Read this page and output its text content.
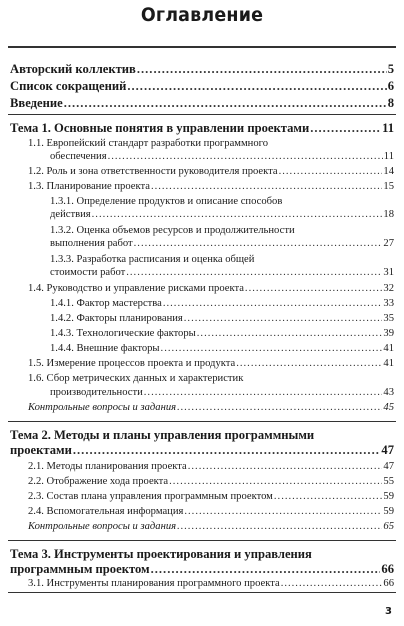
Оглавление
Авторский коллектив .....	5
Список сокращений .....	6
Введение .....	8
Тема 1. Основные понятия в управлении проектами .....	11
1.1. Европейский стандарт разработки программного
обеспечения .....	11
1.2. Роль и зона ответственности руководителя проекта .....	14
1.3. Планирование проекта .....	15
1.3.1. Определение продуктов и описание способов
действия .....	18
1.3.2. Оценка объемов ресурсов и продолжительности
выполнения работ .....	27
1.3.3. Разработка расписания и оценка общей
стоимости работ .....	31
1.4. Руководство и управление рисками проекта .....	32
1.4.1. Фактор мастерства .....	33
1.4.2. Факторы планирования .....	35
1.4.3. Технологические факторы .....	39
1.4.4. Внешние факторы .....	41
1.5. Измерение процессов проекта и продукта .....	41
1.6. Сбор метрических данных и характеристик
производительности .....	43
Контрольные вопросы и задания .....	45
Тема 2. Методы и планы управления программными
проектами .....	47
2.1. Методы планирования проекта .....	47
2.2. Отображение хода проекта .....	55
2.3. Состав плана управления программным проектом .....	59
2.4. Вспомогательная информация .....	59
Контрольные вопросы и задания .....	65
Тема 3. Инструменты проектирования и управления
программным проектом .....	66
3.1. Инструменты планирования программного проекта .....	66
3
